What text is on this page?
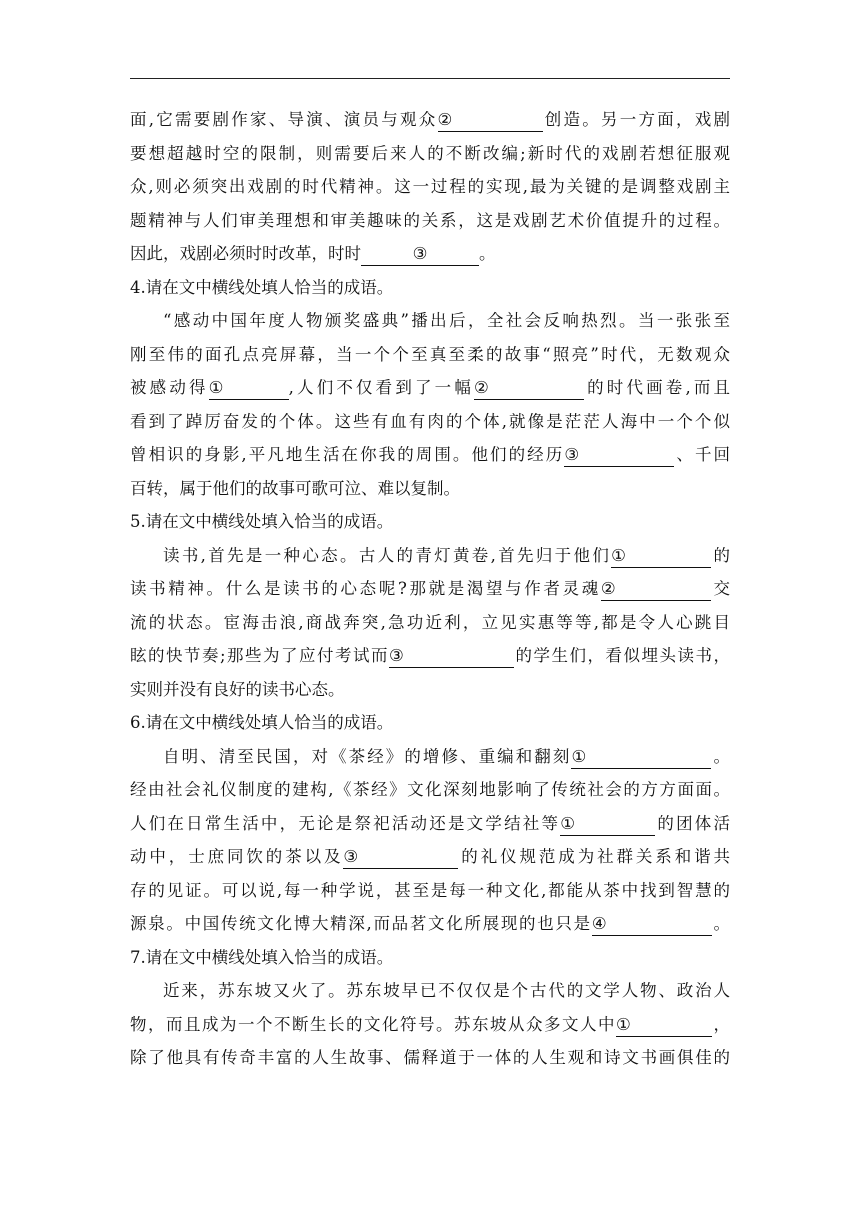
面,它需要剧作家、导演、演员与观众②	创造。另一方面，戏剧
要想超越时空的限制，则需要后来人的不断改编;新时代的戏剧若想征服观
众,则必须突出戏剧的时代精神。这一过程的实现,最为关键的是调整戏剧主
题精神与人们审美理想和审美趣味的关系，这是戏剧艺术价值提升的过程。
因此，戏剧必须时时改革，时时	③	。
4.请在文中横线处填人恰当的成语。
“感动中国年度人物颁奖盛典”播出后，全社会反响热烈。当一张张至
刚至伟的面孔点亮屏幕，当一个个至真至柔的故事“照亮”时代，无数观众
被感动得①	,人们不仅看到了一幅②	的时代画卷,而且
看到了踔厉奋发的个体。这些有血有肉的个体,就像是茫茫人海中一个个似
曾相识的身影,平凡地生活在你我的周围。他们的经历③	、千回
百转，属于他们的故事可歌可泣、难以复制。
5.请在文中横线处填入恰当的成语。
读书,首先是一种心态。古人的青灯黄卷,首先归于他们①	的
读书精神。什么是读书的心态呢?那就是渴望与作者灵魂②	交
流的状态。宦海击浪,商战奔突,急功近利，立见实惠等等,都是令人心跳目
眩的快节奏;那些为了应付考试而③	的学生们，看似埋头读书，
实则并没有良好的读书心态。
6.请在文中横线处填人恰当的成语。
自明、清至民国，对《茶经》的增修、重编和翻刻①	。
经由社会礼仪制度的建构,《茶经》文化深刻地影响了传统社会的方方面面。
人们在日常生活中，无论是祭祀活动还是文学结社等①	的团体活
动中，士庶同饮的茶以及③	的礼仪规范成为社群关系和谐共
存的见证。可以说,每一种学说，甚至是每一种文化,都能从茶中找到智慧的
源泉。中国传统文化博大精深,而品茗文化所展现的也只是④	。
7.请在文中横线处填入恰当的成语。
近来，苏东坡又火了。苏东坡早已不仅仅是个古代的文学人物、政治人
物，而且成为一个不断生长的文化符号。苏东坡从众多文人中①	，
除了他具有传奇丰富的人生故事、儒释道于一体的人生观和诗文书画俱佳的
